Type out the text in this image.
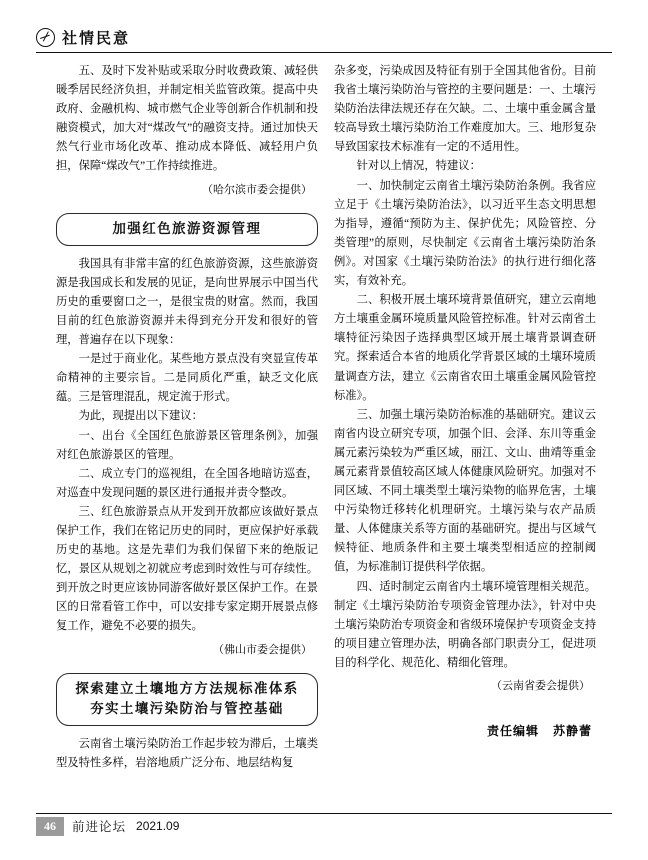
社情民意

五、及时下发补贴或采取分时收费政策、减轻供暖季居民经济负担，并制定相关监管政策。提高中央政府、金融机构、城市燃气企业等创新合作机制和投融资模式，加大对“煤改气”的融资支持。通过加快天然气行业市场化改革、推动成本降低、减轻用户负担，保障“煤改气”工作持续推进。

（哈尔滨市委会提供）

加强红色旅游资源管理

我国具有非常丰富的红色旅游资源，这些旅游资源是我国成长和发展的见证，是向世界展示中国当代历史的重要窗口之一，是很宝贵的财富。然而，我国目前的红色旅游资源并未得到充分开发和很好的管理，普遍存在以下现象：

一是过于商业化。某些地方景点没有突显宣传革命精神的主要宗旨。二是同质化严重，缺乏文化底蕴。三是管理混乱，规定流于形式。

为此，现提出以下建议：

一、出台《全国红色旅游景区管理条例》，加强对红色旅游景区的管理。

二、成立专门的巡视组，在全国各地暗访巡查，对巡查中发现问题的景区进行通报并责令整改。

三、红色旅游景点从开发到开放都应该做好景点保护工作，我们在铭记历史的同时，更应保护好承载历史的基地。这是先辈们为我们保留下来的绝版记忆，景区从规划之初就应考虑到时效性与可存续性。到开放之时更应该协同游客做好景区保护工作。在景区的日常看管工作中，可以安排专家定期开展景点修复工作，避免不必要的损失。

（佛山市委会提供）

探索建立土壤地方方法规标准体系
夯实土壤污染防治与管控基础

云南省土壤污染防治工作起步较为滞后，土壤类型及特性多样，岩溶地质广泛分布、地层结构复

杂多变，污染成因及特征有别于全国其他省份。目前我省土壤污染防治与管控的主要问题是：一、土壤污染防治法律法规还存在欠缺。二、土壤中重金属含量较高导致土壤污染防治工作难度加大。三、地形复杂导致国家技术标准有一定的不适用性。

针对以上情况，特建议：

一、加快制定云南省土壤污染防治条例。我省应立足于《土壤污染防治法》，以习近平生态文明思想为指导，遵循“预防为主、保护优先；风险管控、分类管理”的原则，尽快制定《云南省土壤污染防治条例》。对国家《土壤污染防治法》的执行进行细化落实，有效补充。

二、积极开展土壤环境背景值研究，建立云南地方土壤重金属环境质量风险管控标准。针对云南省土壤特征污染因子选择典型区域开展土壤背景调查研究。探索适合本省的地质化学背景区域的土壤环境质量调查方法，建立《云南省农田土壤重金属风险管控标准》。

三、加强土壤污染防治标准的基础研究。建议云南省内设立研究专项，加强个旧、会泽、东川等重金属元素污染较为严重区域，丽江、文山、曲靖等重金属元素背景值较高区域人体健康风险研究。加强对不同区域、不同土壤类型土壤污染物的临界危害，土壤中污染物迁移转化机理研究。土壤污染与农产品质量、人体健康关系等方面的基础研究。提出与区域气候特征、地质条件和主要土壤类型相适应的控制阈值，为标准制订提供科学依据。

四、适时制定云南省内土壤环境管理相关规范。制定《土壤污染防治专项资金管理办法》，针对中央土壤污染防治专项资金和省级环境保护专项资金支持的项目建立管理办法，明确各部门职责分工，促进项目的科学化、规范化、精细化管理。

（云南省委会提供）

责任编辑 苏静蕾

46	前进论坛 2021.09
